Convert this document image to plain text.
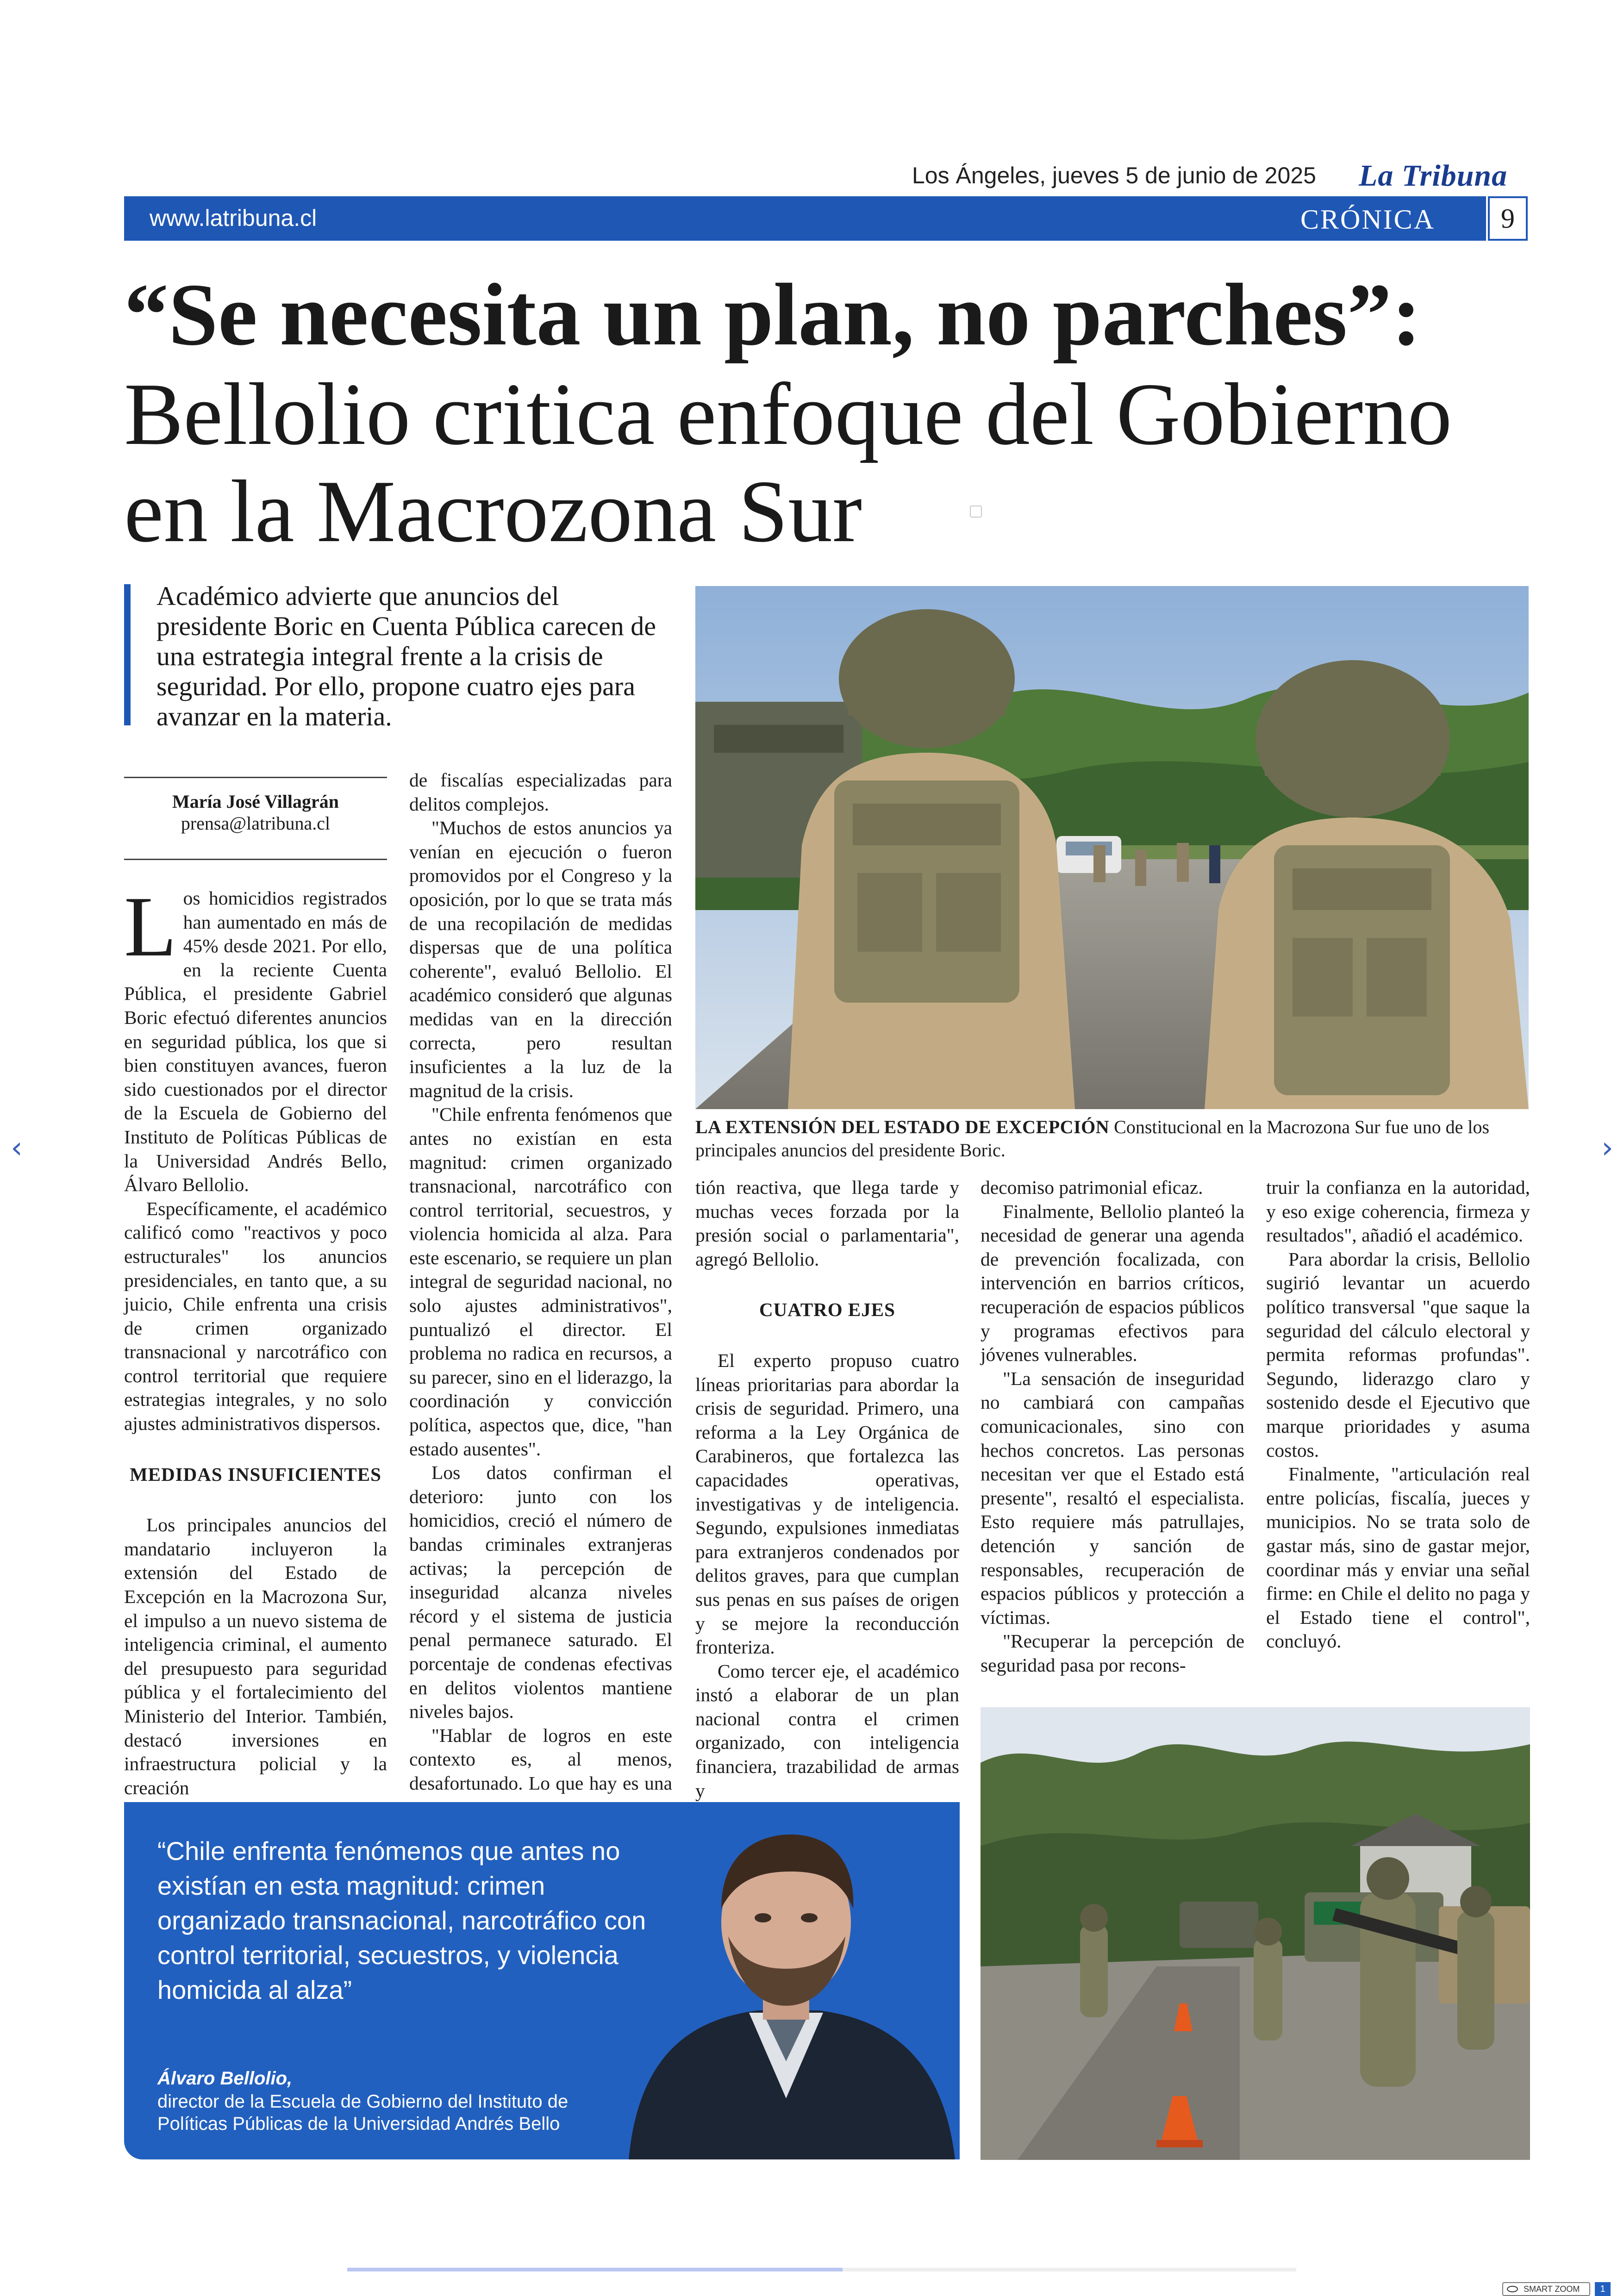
‹	›
Los Ángeles, jueves 5 de junio de 2025 La Tribuna
www.latribuna.cl	CRÓNICA	9
“Se necesita un plan, no parches”:
Bellolio critica enfoque del Gobierno
en la Macrozona Sur
Académico advierte que anuncios del presidente Boric en Cuenta Pública carecen de una estrategia integral frente a la crisis de seguridad. Por ello, propone cuatro ejes para avanzar en la materia.
María José Villagrán
prensa@latribuna.cl

Los homicidios registrados han aumentado en más de 45% desde 2021. Por ello, en la reciente Cuenta Pública, el presidente Gabriel Boric efectuó diferentes anuncios en seguridad pública, los que si bien constituyen avances, fueron sido cuestionados por el director de la Escuela de Gobierno del Instituto de Políticas Públicas de la Universidad Andrés Bello, Álvaro Bellolio.

Específicamente, el académico calificó como "reactivos y poco estructurales" los anuncios presidenciales, en tanto que, a su juicio, Chile enfrenta una crisis de crimen organizado transnacional y narcotráfico con control territorial que requiere estrategias integrales, y no solo ajustes administrativos dispersos.

MEDIDAS INSUFICIENTES

Los principales anuncios del mandatario incluyeron la extensión del Estado de Excepción en la Macrozona Sur, el impulso a un nuevo sistema de inteligencia criminal, el aumento del presupuesto para seguridad pública y el fortalecimiento del Ministerio del Interior. También, destacó inversiones en infraestructura policial y la creación

de fiscalías especializadas para delitos complejos.

"Muchos de estos anuncios ya venían en ejecución o fueron promovidos por el Congreso y la oposición, por lo que se trata más de una recopilación de medidas dispersas que de una política coherente", evaluó Bellolio. El académico consideró que algunas medidas van en la dirección correcta, pero resultan insuficientes a la luz de la magnitud de la crisis.

"Chile enfrenta fenómenos que antes no existían en esta magnitud: crimen organizado transnacional, narcotráfico con control territorial, secuestros, y violencia homicida al alza. Para este escenario, se requiere un plan integral de seguridad nacional, no solo ajustes administrativos", puntualizó el director. El problema no radica en recursos, a su parecer, sino en el liderazgo, la coordinación y convicción política, aspectos que, dice, "han estado ausentes".

Los datos confirman el deterioro: junto con los homicidios, creció el número de bandas criminales extranjeras activas; la percepción de inseguridad alcanza niveles récord y el sistema de justicia penal permanece saturado. El porcentaje de condenas efectivas en delitos violentos mantiene niveles bajos.

"Hablar de logros en este contexto es, al menos, desafortunado. Lo que hay es una

tión reactiva, que llega tarde y muchas veces forzada por la presión social o parlamentaria", agregó Bellolio.

CUATRO EJES

El experto propuso cuatro líneas prioritarias para abordar la crisis de seguridad. Primero, una reforma a la Ley Orgánica de Carabineros, que fortalezca las capacidades operativas, investigativas y de inteligencia. Segundo, expulsiones inmediatas para extranjeros condenados por delitos graves, para que cumplan sus penas en sus países de origen y se mejore la reconducción fronteriza.

Como tercer eje, el académico instó a elaborar de un plan nacional contra el crimen organizado, con inteligencia financiera, trazabilidad de armas y

decomiso patrimonial eficaz.

Finalmente, Bellolio planteó la necesidad de generar una agenda de prevención focalizada, con intervención en barrios críticos, recuperación de espacios públicos y programas efectivos para jóvenes vulnerables.

"La sensación de inseguridad no cambiará con campañas comunicacionales, sino con hechos concretos. Las personas necesitan ver que el Estado está presente", resaltó el especialista. Esto requiere más patrullajes, detención y sanción de responsables, recuperación de espacios públicos y protección a víctimas.

"Recuperar la percepción de seguridad pasa por recons-

truir la confianza en la autoridad, y eso exige coherencia, firmeza y resultados", añadió el académico.

Para abordar la crisis, Bellolio sugirió levantar un acuerdo político transversal "que saque la seguridad del cálculo electoral y permita reformas profundas". Segundo, liderazgo claro y sostenido desde el Ejecutivo que marque prioridades y asuma costos.

Finalmente, "articulación real entre policías, fiscalía, jueces y municipios. No se trata solo de gastar más, sino de gastar mejor, coordinar más y enviar una señal firme: en Chile el delito no paga y el Estado tiene el control", concluyó.

LA EXTENSIÓN DEL ESTADO DE EXCEPCIÓN Constitucional en la Macrozona Sur fue uno de los principales anuncios del presidente Boric.
“Chile enfrenta fenómenos que antes no existían en esta magnitud: crimen organizado transnacional, narcotráfico con control territorial, secuestros, y violencia homicida al alza”
Álvaro Bellolio,
director de la Escuela de Gobierno del Instituto de Políticas Públicas de la Universidad Andrés Bello
SMART ZOOM	1
